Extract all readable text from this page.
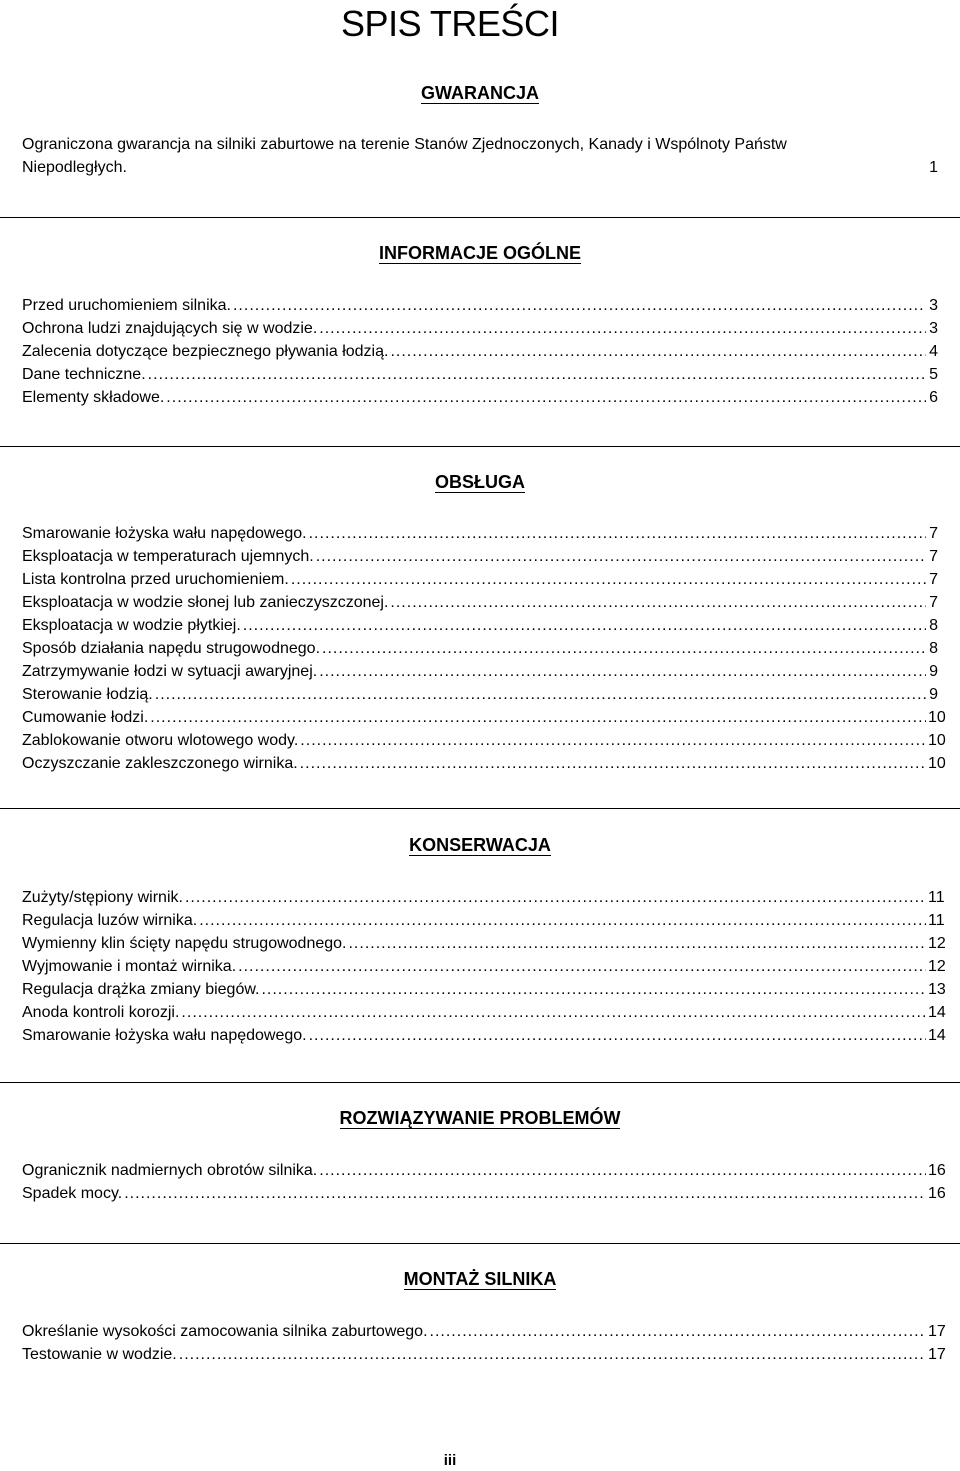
SPIS TREŚCI
GWARANCJA
Ograniczona gwarancja na silniki zaburtowe na terenie Stanów Zjednoczonych, Kanady i Wspólnoty Państw
Niepodległych.	1
INFORMACJE OGÓLNE
Przed uruchomieniem silnika. .....	3
Ochrona ludzi znajdujących się w wodzie. .....	3
Zalecenia dotyczące bezpiecznego pływania łodzią. .....	4
Dane techniczne. .....	5
Elementy składowe. .....	6
OBSŁUGA
Smarowanie łożyska wału napędowego. .....	7
Eksploatacja w temperaturach ujemnych. .....	7
Lista kontrolna przed uruchomieniem. .....	7
Eksploatacja w wodzie słonej lub zanieczyszczonej. .....	7
Eksploatacja w wodzie płytkiej. .....	8
Sposób działania napędu strugowodnego. .....	8
Zatrzymywanie łodzi w sytuacji awaryjnej. .....	9
Sterowanie łodzią. .....	9
Cumowanie łodzi. .....	10
Zablokowanie otworu wlotowego wody. .....	10
Oczyszczanie zakleszczonego wirnika. .....	10
KONSERWACJA
Zużyty/stępiony wirnik. .....	11
Regulacja luzów wirnika. .....	11
Wymienny klin ścięty napędu strugowodnego. .....	12
Wyjmowanie i montaż wirnika. .....	12
Regulacja drążka zmiany biegów. .....	13
Anoda kontroli korozji. .....	14
Smarowanie łożyska wału napędowego. .....	14
ROZWIĄZYWANIE PROBLEMÓW
Ogranicznik nadmiernych obrotów silnika. .....	16
Spadek mocy. .....	16
MONTAŻ SILNIKA
Określanie wysokości zamocowania silnika zaburtowego. .....	17
Testowanie w wodzie. .....	17
iii
